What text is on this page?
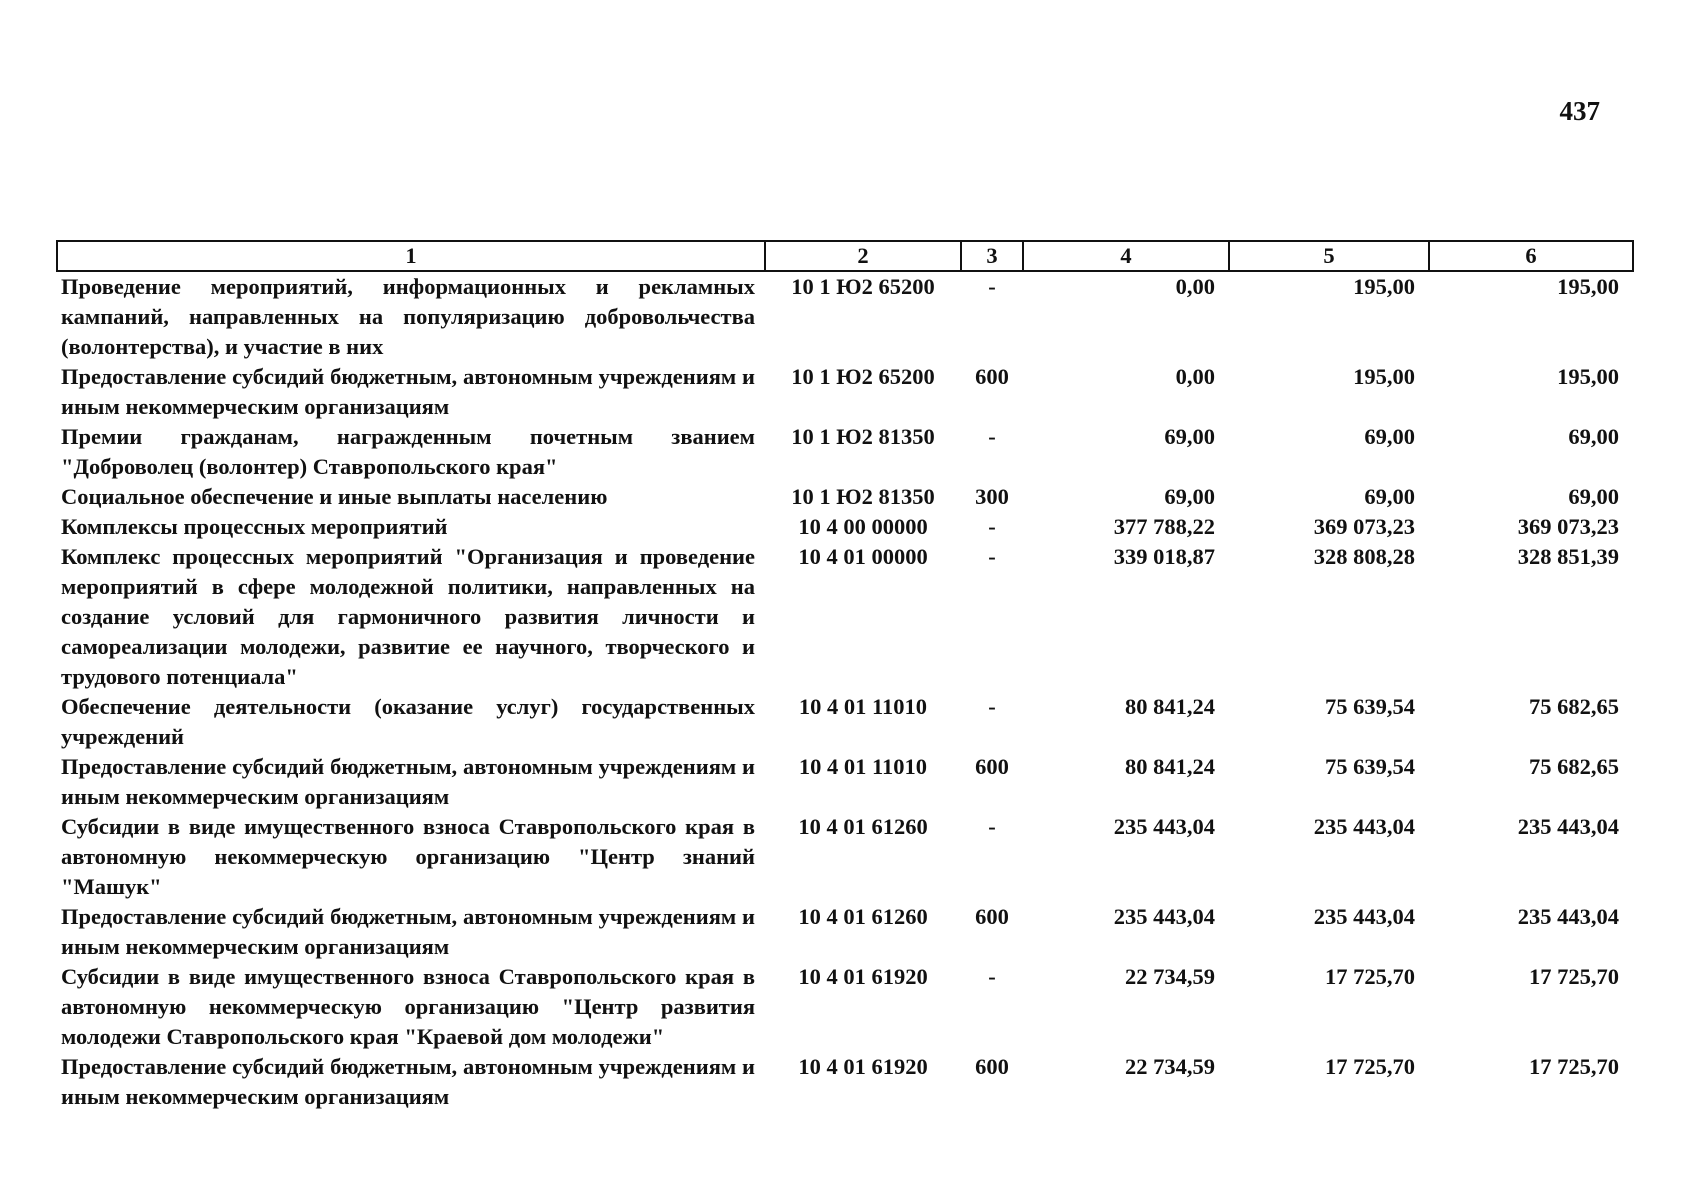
437
1	2	3	4	5	6
Проведение мероприятий, информационных и рекламных кампаний, направленных на популяризацию добровольчества (волонтерства), и участие в них	10 1 Ю2 65200	-	0,00	195,00	195,00
Предоставление субсидий бюджетным, автономным учреждениям и иным некоммерческим организациям	10 1 Ю2 65200	600	0,00	195,00	195,00
Премии гражданам, награжденным почетным званием "Доброволец (волонтер) Ставропольского края"	10 1 Ю2 81350	-	69,00	69,00	69,00
Социальное обеспечение и иные выплаты населению	10 1 Ю2 81350	300	69,00	69,00	69,00
Комплексы процессных мероприятий	10 4 00 00000	-	377 788,22	369 073,23	369 073,23
Комплекс процессных мероприятий "Организация и проведение мероприятий в сфере молодежной политики, направленных на создание условий для гармоничного развития личности и самореализации молодежи, развитие ее научного, творческого и трудового потенциала"	10 4 01 00000	-	339 018,87	328 808,28	328 851,39
Обеспечение деятельности (оказание услуг) государственных учреждений	10 4 01 11010	-	80 841,24	75 639,54	75 682,65
Предоставление субсидий бюджетным, автономным учреждениям и иным некоммерческим организациям	10 4 01 11010	600	80 841,24	75 639,54	75 682,65
Субсидии в виде имущественного взноса Ставропольского края в автономную некоммерческую организацию "Центр знаний "Машук"	10 4 01 61260	-	235 443,04	235 443,04	235 443,04
Предоставление субсидий бюджетным, автономным учреждениям и иным некоммерческим организациям	10 4 01 61260	600	235 443,04	235 443,04	235 443,04
Субсидии в виде имущественного взноса Ставропольского края в автономную некоммерческую организацию "Центр развития молодежи Ставропольского края "Краевой дом молодежи"	10 4 01 61920	-	22 734,59	17 725,70	17 725,70
Предоставление субсидий бюджетным, автономным учреждениям и иным некоммерческим организациям	10 4 01 61920	600	22 734,59	17 725,70	17 725,70
